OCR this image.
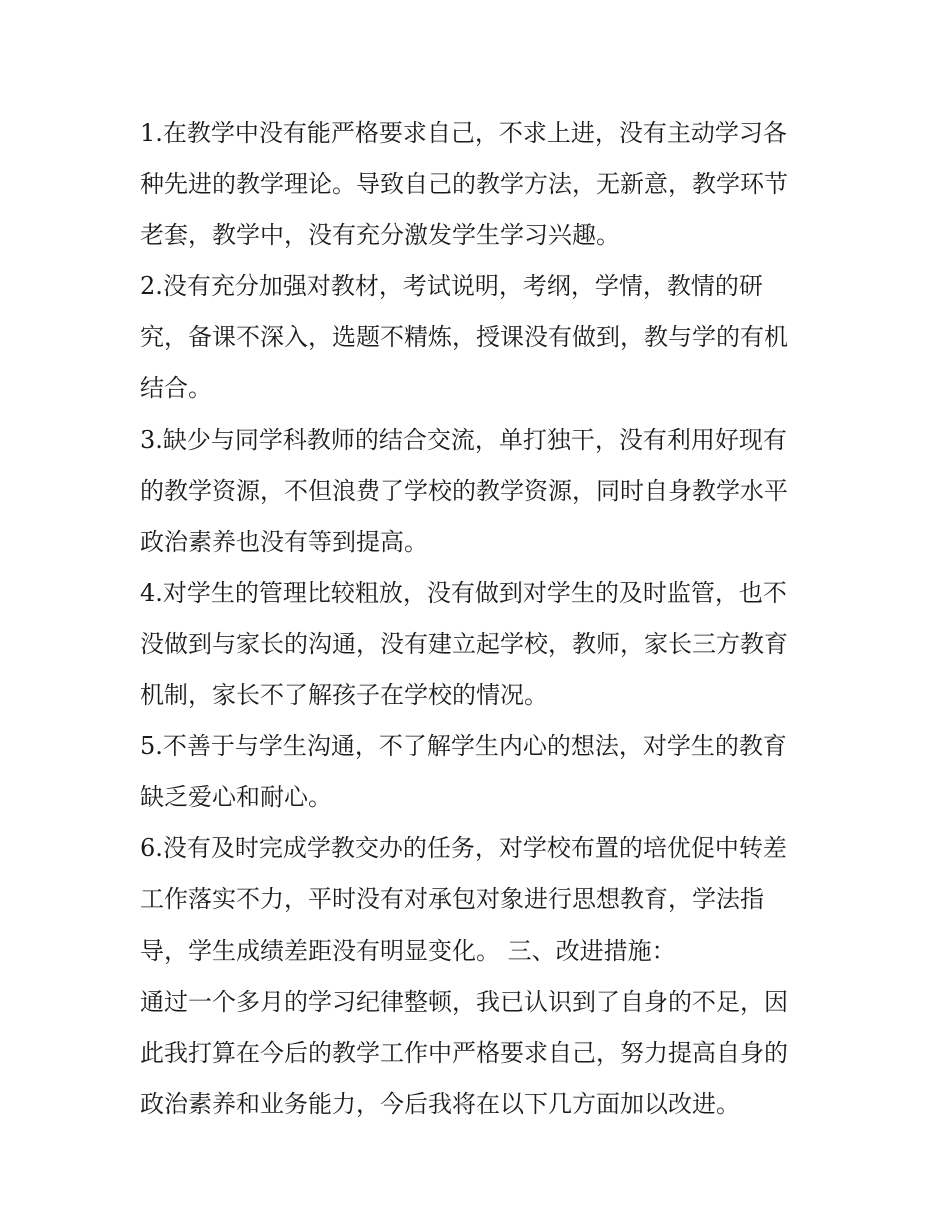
1.在教学中没有能严格要求自己，不求上进，没有主动学习各
种先进的教学理论。导致自己的教学方法，无新意，教学环节
老套，教学中，没有充分激发学生学习兴趣。
2.没有充分加强对教材，考试说明，考纲，学情，教情的研
究，备课不深入，选题不精炼，授课没有做到，教与学的有机
结合。
3.缺少与同学科教师的结合交流，单打独干，没有利用好现有
的教学资源，不但浪费了学校的教学资源，同时自身教学水平
政治素养也没有等到提高。
4.对学生的管理比较粗放，没有做到对学生的及时监管，也不
没做到与家长的沟通，没有建立起学校，教师，家长三方教育
机制，家长不了解孩子在学校的情况。
5.不善于与学生沟通，不了解学生内心的想法，对学生的教育
缺乏爱心和耐心。
6.没有及时完成学教交办的任务，对学校布置的培优促中转差
工作落实不力，平时没有对承包对象进行思想教育，学法指
导，学生成绩差距没有明显变化。 三、改进措施：
通过一个多月的学习纪律整顿，我已认识到了自身的不足，因
此我打算在今后的教学工作中严格要求自己，努力提高自身的
政治素养和业务能力，今后我将在以下几方面加以改进。
